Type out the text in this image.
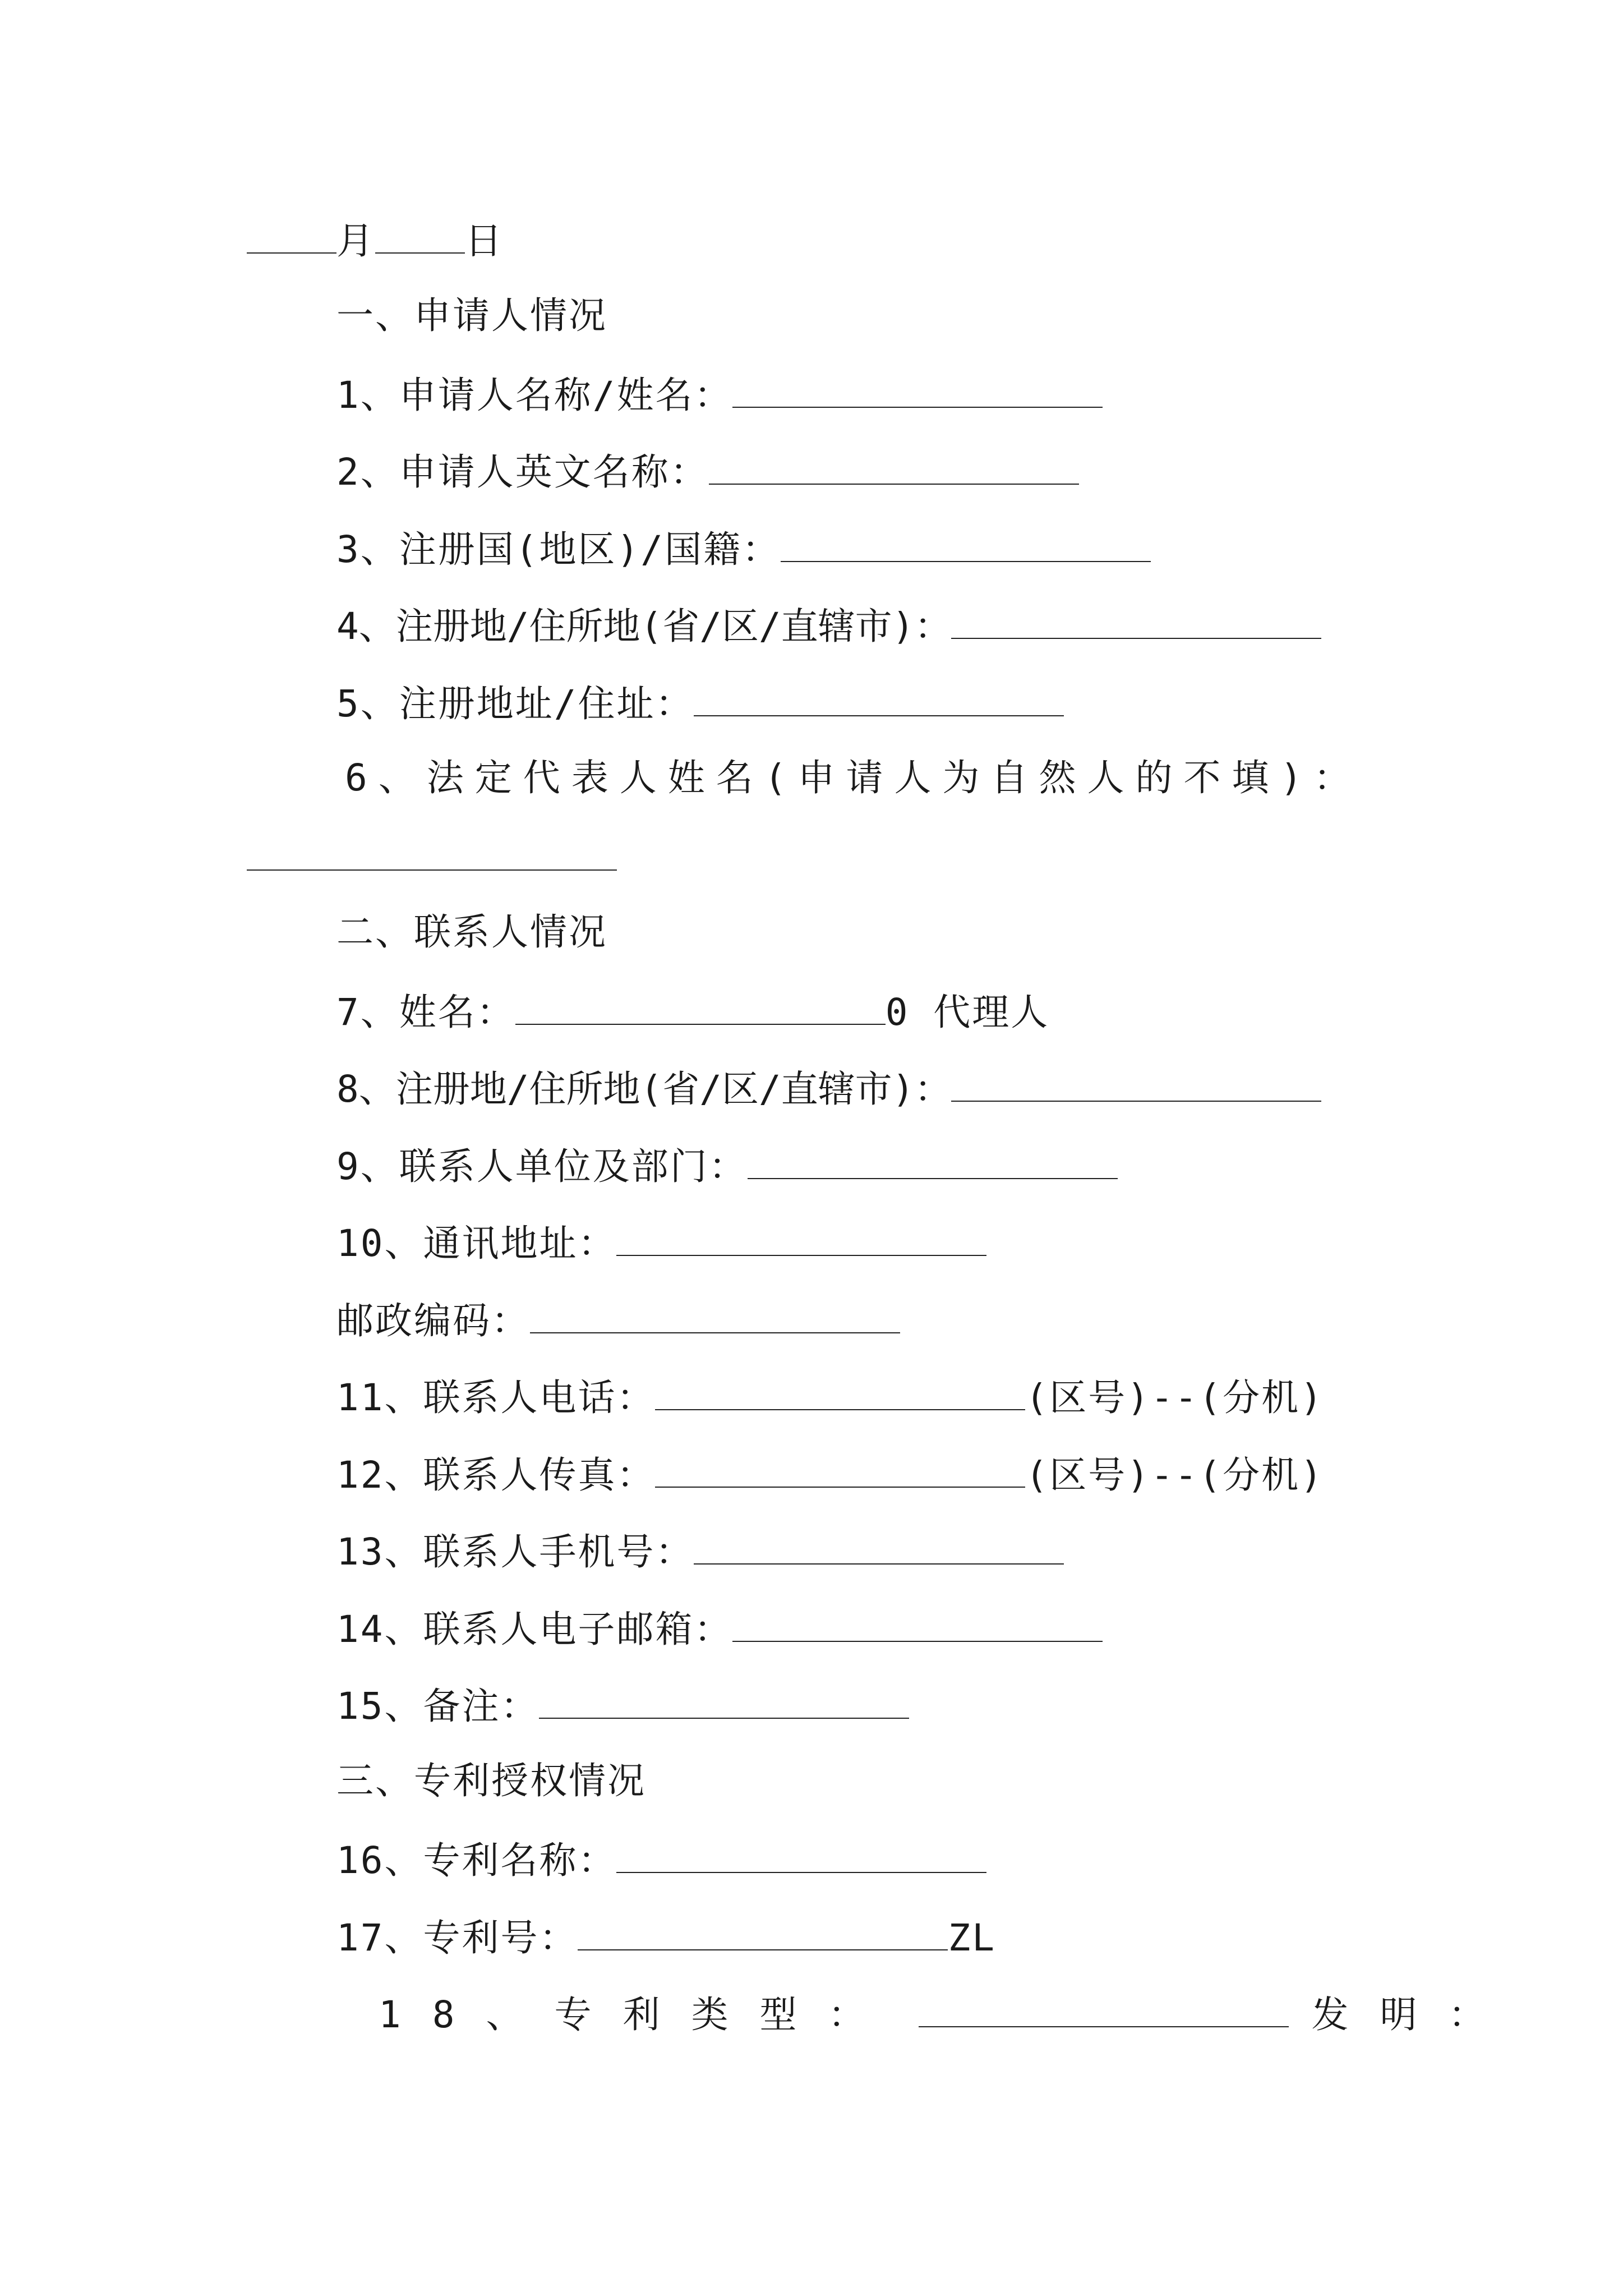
月 日
一、申请人情况
1、申请人名称/姓名：
2、申请人英文名称：
3、注册国(地区)/国籍：
4、注册地/住所地(省/区/直辖市)：
5、注册地址/住址：
6、法定代表人姓名(申请人为自然人的不填)：
二、联系人情况
7、姓名：	0 代理人
8、注册地/住所地(省/区/直辖市)：
9、联系人单位及部门：
10、通讯地址：
邮政编码：
11、联系人电话：	(区号)--(分机)
12、联系人传真：	(区号)--(分机)
13、联系人手机号：
14、联系人电子邮箱：
15、备注：
三、专利授权情况
16、专利名称：
17、专利号：	ZL
18、专利类型：	发明：
